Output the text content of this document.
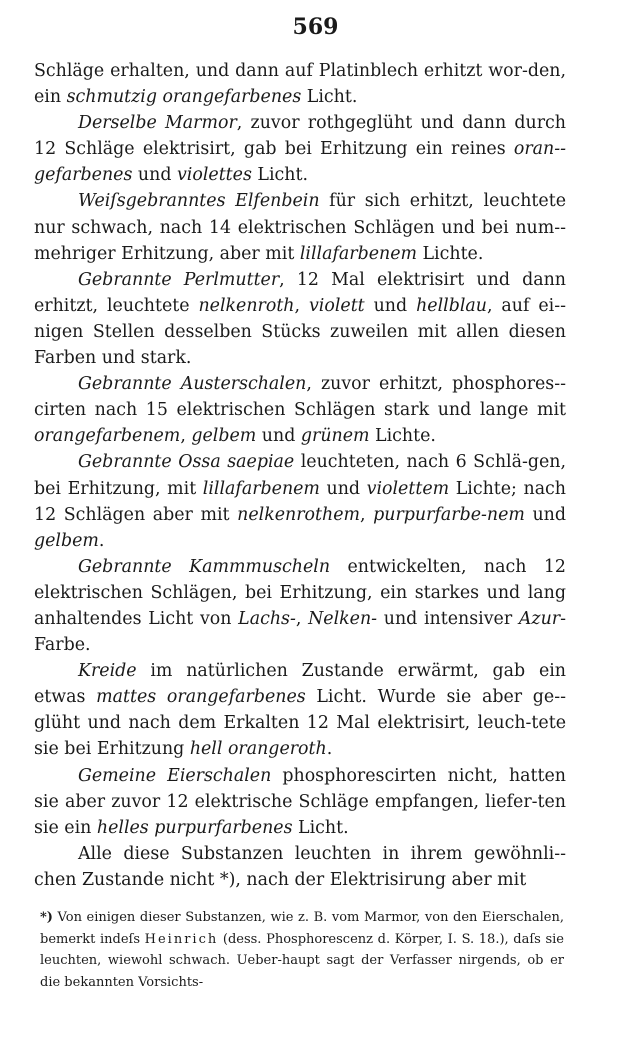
569

Schläge erhalten, und dann auf Platinblech erhitzt wor-den, ein schmutzig orangefarbenes Licht.

Derselbe Marmor, zuvor rothgeglüht und dann durch 12 Schläge elektrisirt, gab bei Erhitzung ein reines oran-gefarbenes und violettes Licht.

Weiſsgebranntes Elfenbein für sich erhitzt, leuchtete nur schwach, nach 14 elektrischen Schlägen und bei num-mehriger Erhitzung, aber mit lillafarbenem Lichte.

Gebrannte Perlmutter, 12 Mal elektrisirt und dann erhitzt, leuchtete nelkenroth, violett und hellblau, auf ei-nigen Stellen desselben Stücks zuweilen mit allen diesen Farben und stark.

Gebrannte Austerschalen, zuvor erhitzt, phosphores-cirten nach 15 elektrischen Schlägen stark und lange mit orangefarbenem, gelbem und grünem Lichte.

Gebrannte Ossa saepiae leuchteten, nach 6 Schlä-gen, bei Erhitzung, mit lillafarbenem und violettem Lichte; nach 12 Schlägen aber mit nelkenrothem, purpurfarbe-nem und gelbem.

Gebrannte Kammmuscheln entwickelten, nach 12 elektrischen Schlägen, bei Erhitzung, ein starkes und lang anhaltendes Licht von Lachs-, Nelken- und intensiver Azur-Farbe.

Kreide im natürlichen Zustande erwärmt, gab ein etwas mattes orangefarbenes Licht. Wurde sie aber ge-glüht und nach dem Erkalten 12 Mal elektrisirt, leuch-tete sie bei Erhitzung hell orangeroth.

Gemeine Eierschalen phosphorescirten nicht, hatten sie aber zuvor 12 elektrische Schläge empfangen, liefer-ten sie ein helles purpurfarbenes Licht.

Alle diese Substanzen leuchten in ihrem gewöhnli-chen Zustande nicht *), nach der Elektrisirung aber mit

*) Von einigen dieser Substanzen, wie z. B. vom Marmor, von den Eierschalen, bemerkt indeſs Heinrich (dess. Phosphorescenz d. Körper, I. S. 18.), daſs sie leuchten, wiewohl schwach. Ueber-haupt sagt der Verfasser nirgends, ob er die bekannten Vorsichts-
